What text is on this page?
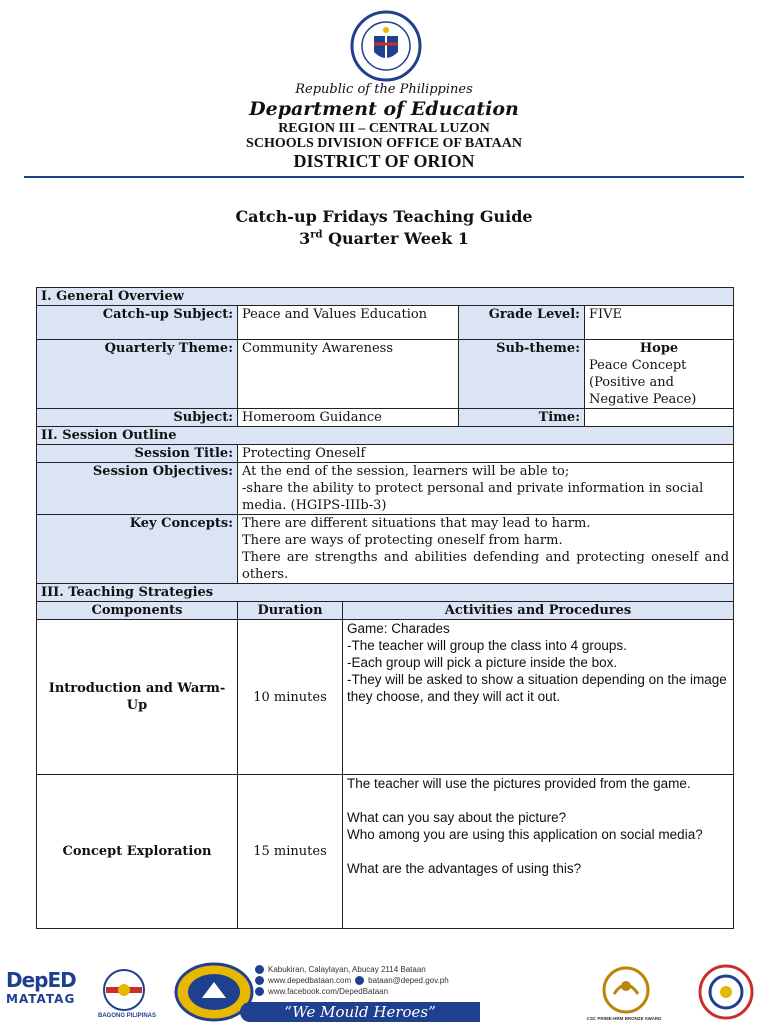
Republic of the Philippines
Department of Education
REGION III – CENTRAL LUZON
SCHOOLS DIVISION OFFICE OF BATAAN
DISTRICT OF ORION
Catch-up Fridays Teaching Guide
3rd Quarter Week 1
I. General Overview				
Catch-up Subject:	Peace and Values Education		Grade Level:	FIVE
Quarterly Theme:	Community Awareness		Sub-theme:	Hope
Peace Concept (Positive and Negative Peace)

Subject:	Homeroom Guidance		Time:	
II. Session Outline				
Session Title:	Protecting Oneself			
Session Objectives:	At the end of the session, learners will be able to;
-share the ability to protect personal and private information in social media. (HGIPS-IIIb-3)			

Key Concepts:	There are different situations that may lead to harm.
There are ways of protecting oneself from harm.
There are strengths and abilities defending and protecting oneself and others.			

III. Teaching Strategies				
Components	Duration	Activities and Procedures		
Introduction and Warm-Up	10 minutes	Game: Charades
-The teacher will group the class into 4 groups.
-Each group will pick a picture inside the box.
-They will be asked to show a situation depending on the image they choose, and they will act it out.		

Concept Exploration	15 minutes	The teacher will use the pictures provided from the game.
What can you say about the picture?
Who among you are using this application on social media?
What are the advantages of using this?		
DepED
MATATAG
BAGONG PILIPINAS
Kabukiran, Calaylayan, Abucay 2114 Bataan
www.depedbataan.com bataan@deped.gov.ph
www.facebook.com/DepedBataan
“We Mould Heroes”	CSC PRIME-HRM BRONZE AWARD
